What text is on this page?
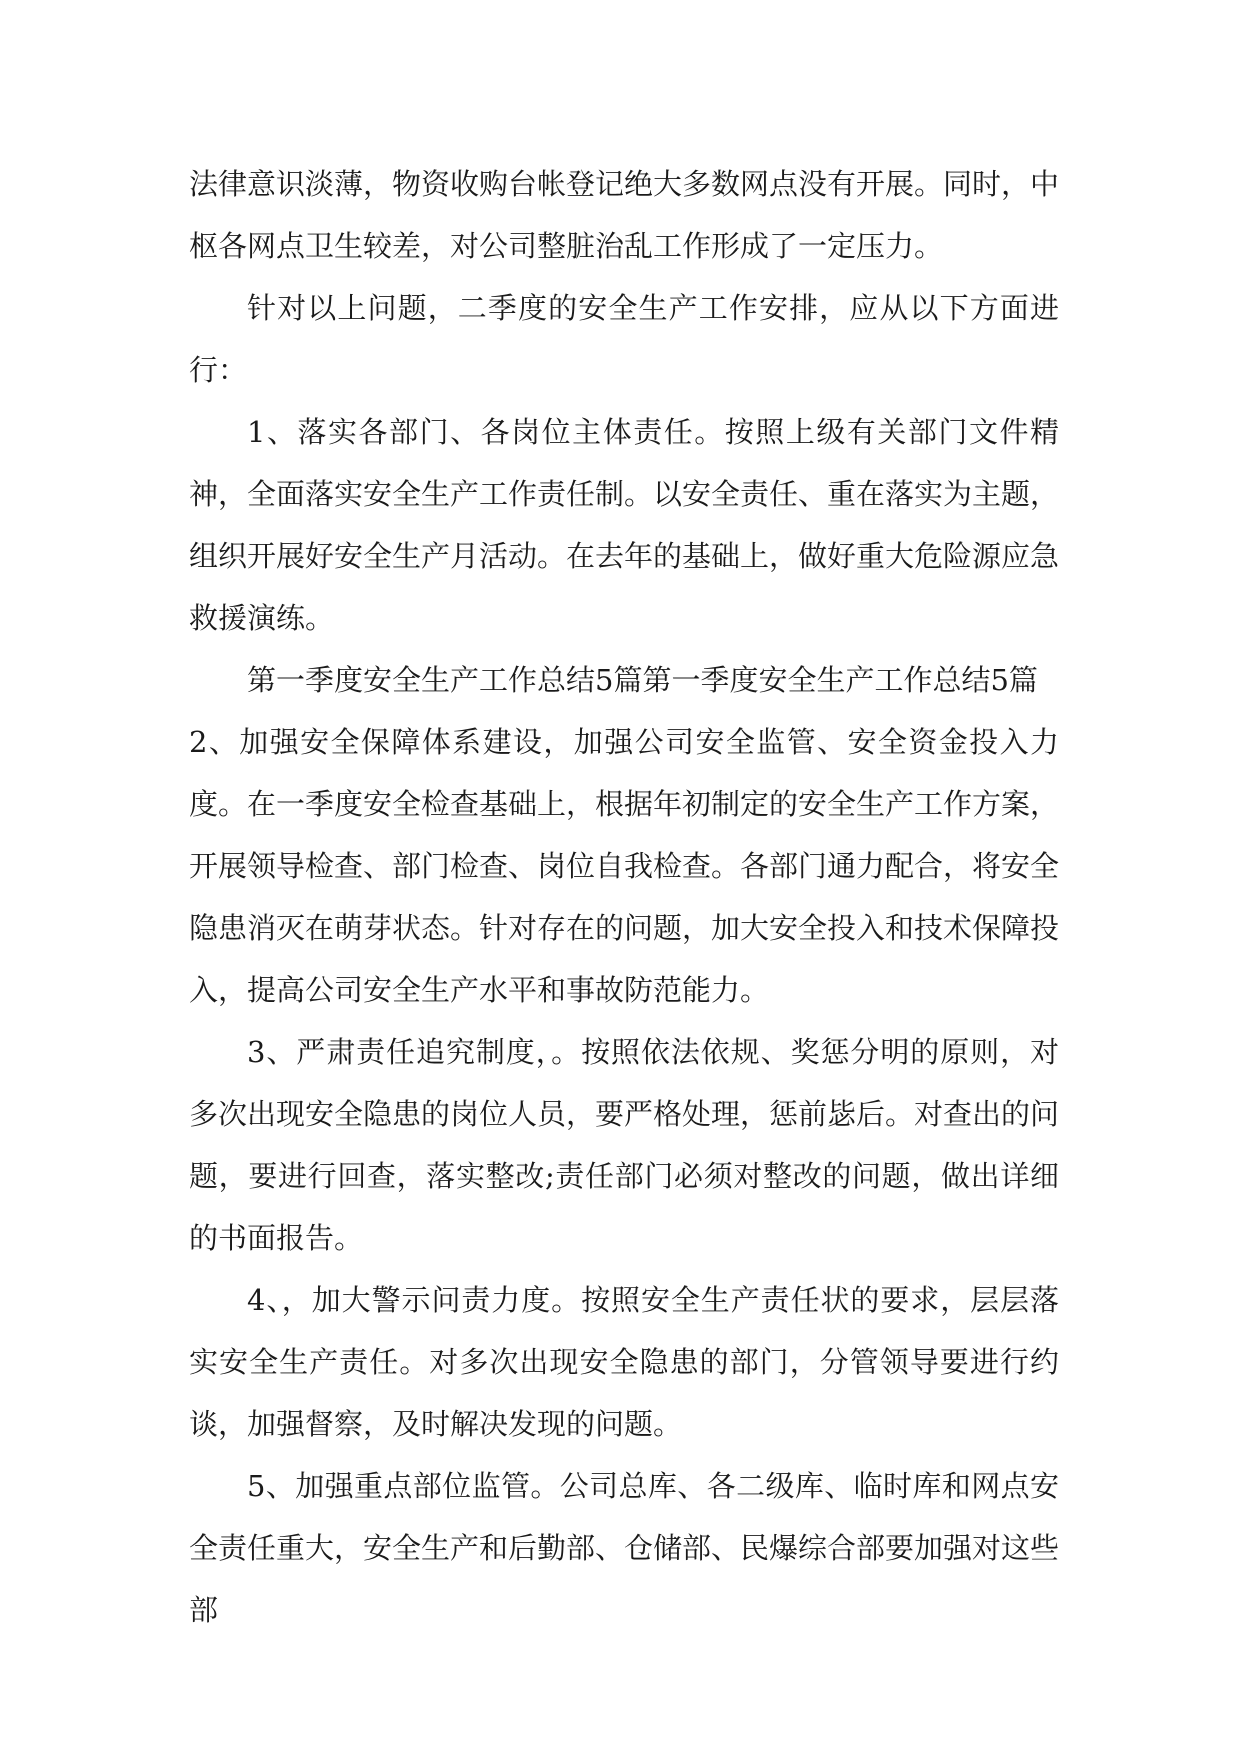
法律意识淡薄，物资收购台帐登记绝大多数网点没有开展。同时，中枢各网点卫生较差，对公司整脏治乱工作形成了一定压力。

针对以上问题，二季度的安全生产工作安排，应从以下方面进行：

1、落实各部门、各岗位主体责任。按照上级有关部门文件精神，全面落实安全生产工作责任制。以安全责任、重在落实为主题，组织开展好安全生产月活动。在去年的基础上，做好重大危险源应急救援演练。

第一季度安全生产工作总结5篇第一季度安全生产工作总结5篇

2、加强安全保障体系建设，加强公司安全监管、安全资金投入力度。在一季度安全检查基础上，根据年初制定的安全生产工作方案，开展领导检查、部门检查、岗位自我检查。各部门通力配合，将安全隐患消灭在萌芽状态。针对存在的问题，加大安全投入和技术保障投入，提高公司安全生产水平和事故防范能力。

3、严肃责任追究制度，。按照依法依规、奖惩分明的原则，对多次出现安全隐患的岗位人员，要严格处理，惩前毖后。对查出的问题，要进行回查，落实整改;责任部门必须对整改的问题，做出详细的书面报告。

4、，加大警示问责力度。按照安全生产责任状的要求，层层落实安全生产责任。对多次出现安全隐患的部门，分管领导要进行约谈，加强督察，及时解决发现的问题。

5、加强重点部位监管。公司总库、各二级库、临时库和网点安全责任重大，安全生产和后勤部、仓储部、民爆综合部要加强对这些部
